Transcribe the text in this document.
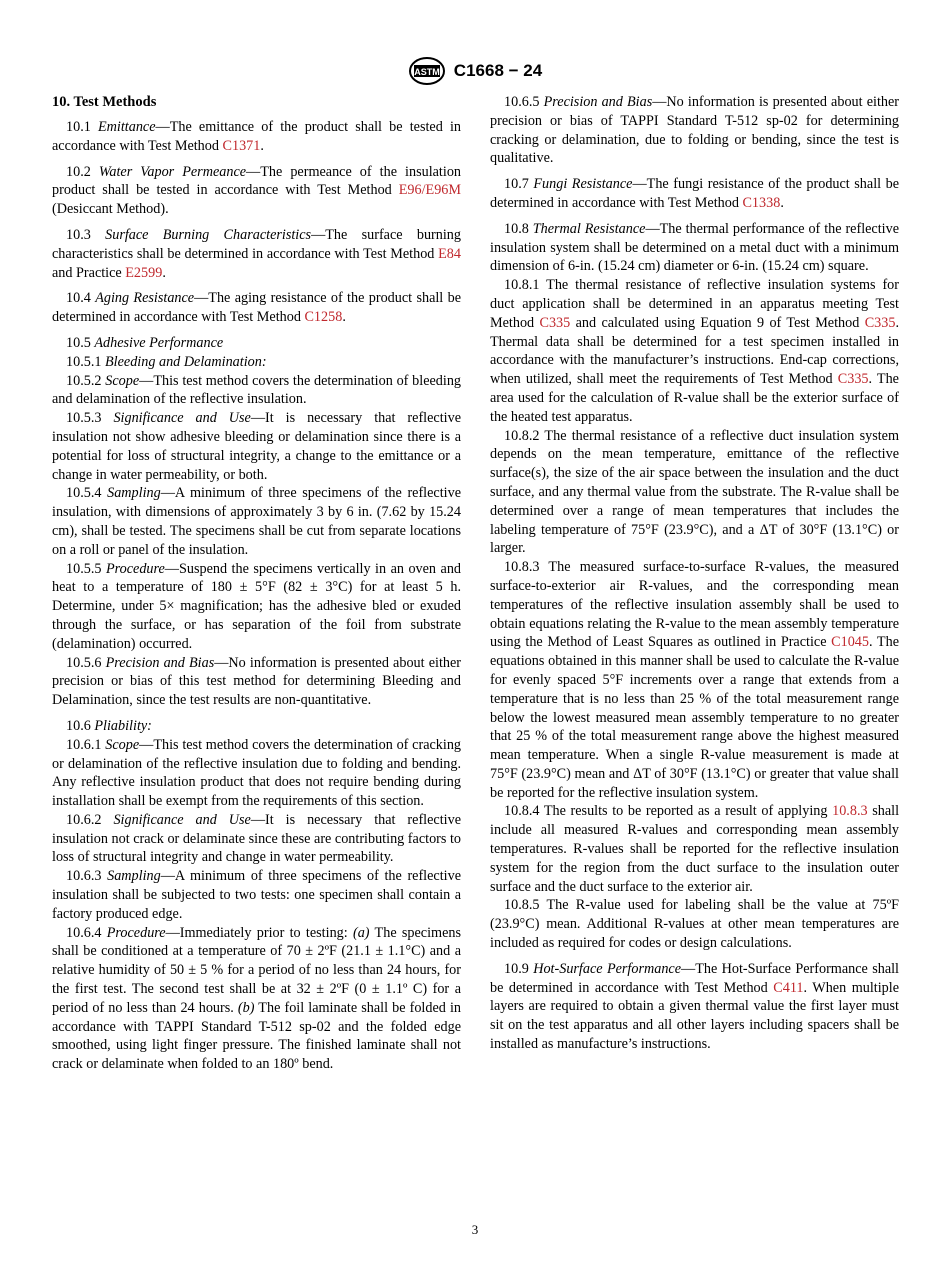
ASTM C1668 − 24
10. Test Methods

10.1 Emittance—The emittance of the product shall be tested in accordance with Test Method C1371.

10.2 Water Vapor Permeance—The permeance of the insulation product shall be tested in accordance with Test Method E96/E96M (Desiccant Method).

10.3 Surface Burning Characteristics—The surface burning characteristics shall be determined in accordance with Test Method E84 and Practice E2599.

10.4 Aging Resistance—The aging resistance of the product shall be determined in accordance with Test Method C1258.

10.5 Adhesive Performance

10.5.1 Bleeding and Delamination:

10.5.2 Scope—This test method covers the determination of bleeding and delamination of the reflective insulation.

10.5.3 Significance and Use—It is necessary that reflective insulation not show adhesive bleeding or delamination since there is a potential for loss of structural integrity, a change to the emittance or a change in water permeability, or both.

10.5.4 Sampling—A minimum of three specimens of the reflective insulation, with dimensions of approximately 3 by 6 in. (7.62 by 15.24 cm), shall be tested. The specimens shall be cut from separate locations on a roll or panel of the insulation.

10.5.5 Procedure—Suspend the specimens vertically in an oven and heat to a temperature of 180 ± 5°F (82 ± 3°C) for at least 5 h. Determine, under 5× magnification; has the adhesive bled or exuded through the surface, or has separation of the foil from substrate (delamination) occurred.

10.5.6 Precision and Bias—No information is presented about either precision or bias of this test method for determining Bleeding and Delamination, since the test results are non-quantitative.

10.6 Pliability:

10.6.1 Scope—This test method covers the determination of cracking or delamination of the reflective insulation due to folding and bending. Any reflective insulation product that does not require bending during installation shall be exempt from the requirements of this section.

10.6.2 Significance and Use—It is necessary that reflective insulation not crack or delaminate since these are contributing factors to loss of structural integrity and change in water permeability.

10.6.3 Sampling—A minimum of three specimens of the reflective insulation shall be subjected to two tests: one specimen shall contain a factory produced edge.

10.6.4 Procedure—Immediately prior to testing: (a) The specimens shall be conditioned at a temperature of 70 ± 2ºF (21.1 ± 1.1°C) and a relative humidity of 50 ± 5 % for a period of no less than 24 hours, for the first test. The second test shall be at 32 ± 2ºF (0 ± 1.1º C) for a period of no less than 24 hours. (b) The foil laminate shall be folded in accordance with TAPPI Standard T-512 sp-02 and the folded edge smoothed, using light finger pressure. The finished laminate shall not crack or delaminate when folded to an 180º bend.

10.6.5 Precision and Bias—No information is presented about either precision or bias of TAPPI Standard T-512 sp-02 for determining cracking or delamination, due to folding or bending, since the test is qualitative.

10.7 Fungi Resistance—The fungi resistance of the product shall be determined in accordance with Test Method C1338.

10.8 Thermal Resistance—The thermal performance of the reflective insulation system shall be determined on a metal duct with a minimum dimension of 6-in. (15.24 cm) diameter or 6-in. (15.24 cm) square.

10.8.1 The thermal resistance of reflective insulation systems for duct application shall be determined in an apparatus meeting Test Method C335 and calculated using Equation 9 of Test Method C335. Thermal data shall be determined for a test specimen installed in accordance with the manufacturer’s instructions. End-cap corrections, when utilized, shall meet the requirements of Test Method C335. The area used for the calculation of R-value shall be the exterior surface of the heated test apparatus.

10.8.2 The thermal resistance of a reflective duct insulation system depends on the mean temperature, emittance of the reflective surface(s), the size of the air space between the insulation and the duct surface, and any thermal value from the substrate. The R-value shall be determined over a range of mean temperatures that includes the labeling temperature of 75°F (23.9°C), and a ΔT of 30°F (13.1°C) or larger.

10.8.3 The measured surface-to-surface R-values, the measured surface-to-exterior air R-values, and the corresponding mean temperatures of the reflective insulation assembly shall be used to obtain equations relating the R-value to the mean assembly temperature using the Method of Least Squares as outlined in Practice C1045. The equations obtained in this manner shall be used to calculate the R-value for evenly spaced 5°F increments over a range that extends from a temperature that is no less than 25 % of the total measurement range below the lowest measured mean assembly temperature to no greater that 25 % of the total measurement range above the highest measured mean temperature. When a single R-value measurement is made at 75°F (23.9°C) mean and ΔT of 30°F (13.1°C) or greater that value shall be reported for the reflective insulation system.

10.8.4 The results to be reported as a result of applying 10.8.3 shall include all measured R-values and corresponding mean assembly temperatures. R-values shall be reported for the reflective insulation system for the region from the duct surface to the insulation outer surface and the duct surface to the exterior air.

10.8.5 The R-value used for labeling shall be the value at 75ºF (23.9°C) mean. Additional R-values at other mean temperatures are included as required for codes or design calculations.

10.9 Hot-Surface Performance—The Hot-Surface Performance shall be determined in accordance with Test Method C411. When multiple layers are required to obtain a given thermal value the first layer must sit on the test apparatus and all other layers including spacers shall be installed as manufacture’s instructions.

3
